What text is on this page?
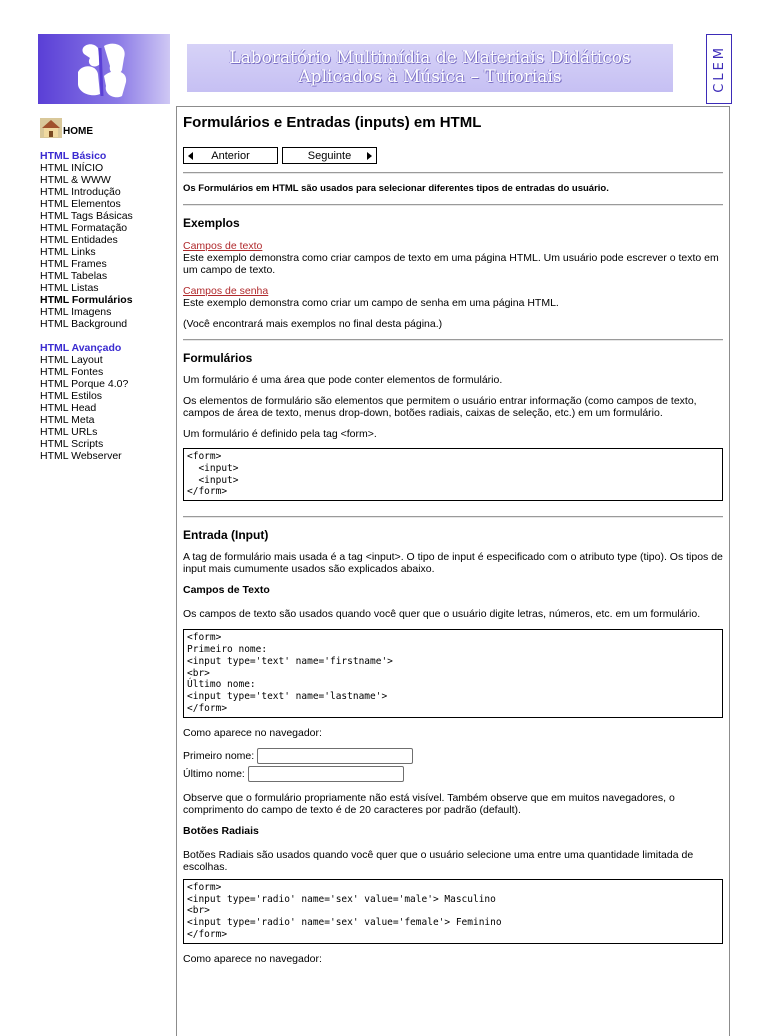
Laboratório Multimídia de Materiais Didáticos
Aplicados à Música – Tutoriais	CLEM
HOME
HTML Básico
HTML INÍCIO
HTML & WWW
HTML Introdução
HTML Elementos
HTML Tags Básicas
HTML Formatação
HTML Entidades
HTML Links
HTML Frames
HTML Tabelas
HTML Listas
HTML Formulários
HTML Imagens
HTML Background
HTML Avançado
HTML Layout
HTML Fontes
HTML Porque 4.0?
HTML Estilos
HTML Head
HTML Meta
HTML URLs
HTML Scripts
HTML Webserver
Formulários e Entradas (inputs) em HTML
Anterior	Seguinte

Os Formulários em HTML são usados para selecionar diferentes tipos de entradas do usuário.

Exemplos
Campos de texto

Este exemplo demonstra como criar campos de texto em uma página HTML. Um usuário pode escrever o texto em um campo de texto.

Campos de senha

Este exemplo demonstra como criar um campo de senha em uma página HTML.

(Você encontrará mais exemplos no final desta página.)

Formulários

Um formulário é uma área que pode conter elementos de formulário.

Os elementos de formulário são elementos que permitem o usuário entrar informação (como campos de texto, campos de área de texto, menus drop-down, botões radiais, caixas de seleção, etc.) em um formulário.

Um formulário é definido pela tag <form>.

<form>
<input>
<input>
</form>
Entrada (Input)

A tag de formulário mais usada é a tag <input>. O tipo de input é especificado com o atributo type (tipo). Os tipos de input mais cumumente usados são explicados abaixo.

Campos de Texto

Os campos de texto são usados quando você quer que o usuário digite letras, números, etc. em um formulário.

<form>
Primeiro nome:
<input type='text' name='firstname'>
<br>
Último nome:
<input type='text' name='lastname'>
</form>

Como aparece no navegador:

Primeiro nome:
Último nome:

Observe que o formulário propriamente não está visível. Também observe que em muitos navegadores, o comprimento do campo de texto é de 20 caracteres por padrão (default).

Botões Radiais

Botões Radiais são usados quando você quer que o usuário selecione uma entre uma quantidade limitada de escolhas.

<form>
<input type='radio' name='sex' value='male'> Masculino
<br>
<input type='radio' name='sex' value='female'> Feminino
</form>

Como aparece no navegador:
